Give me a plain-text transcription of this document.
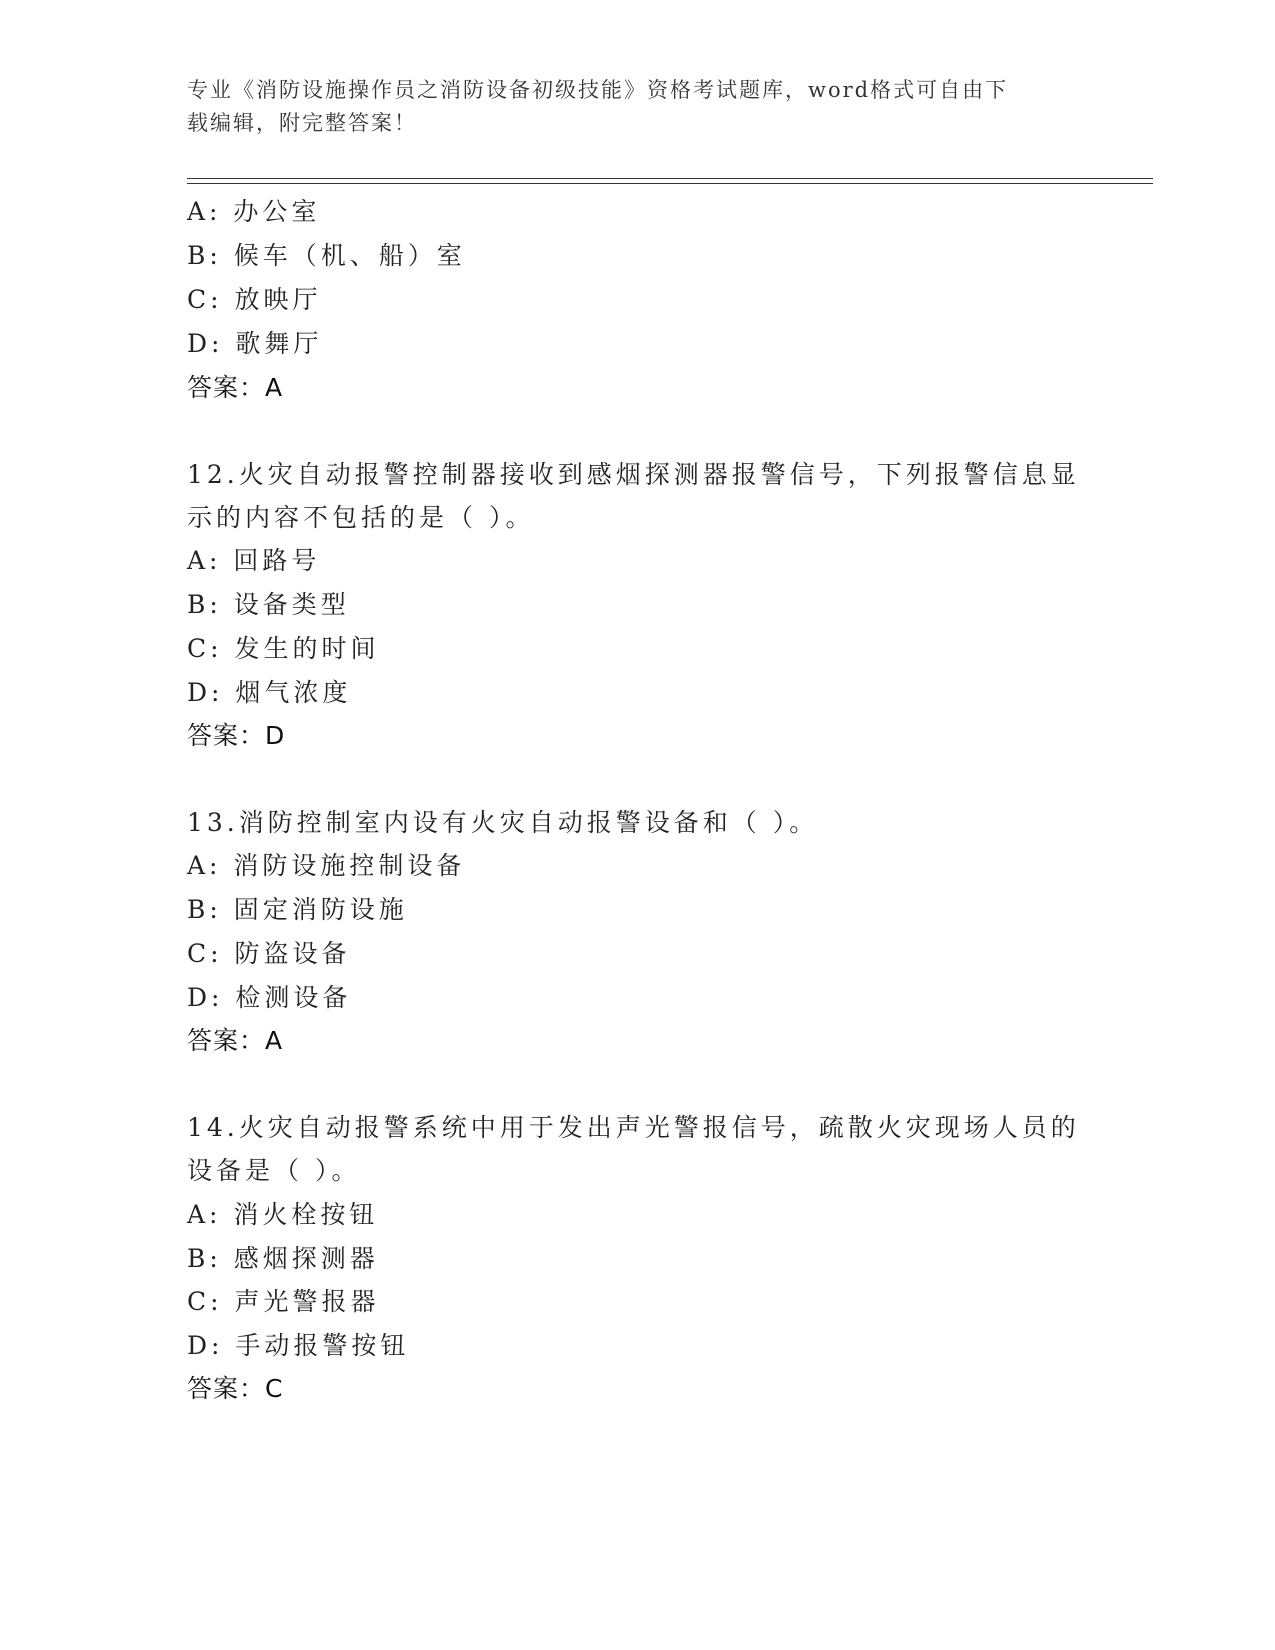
专业《消防设施操作员之消防设备初级技能》资格考试题库，word格式可自由下
载编辑，附完整答案！
A: 办公室
B: 候车（机、船）室
C: 放映厅
D: 歌舞厅
答案：A
12.火灾自动报警控制器接收到感烟探测器报警信号，下列报警信息显
示的内容不包括的是（ ）。
A: 回路号
B: 设备类型
C: 发生的时间
D: 烟气浓度
答案：D
13.消防控制室内设有火灾自动报警设备和（ ）。
A: 消防设施控制设备
B: 固定消防设施
C: 防盗设备
D: 检测设备
答案：A
14.火灾自动报警系统中用于发出声光警报信号，疏散火灾现场人员的
设备是（ ）。
A: 消火栓按钮
B: 感烟探测器
C: 声光警报器
D: 手动报警按钮
答案：C
